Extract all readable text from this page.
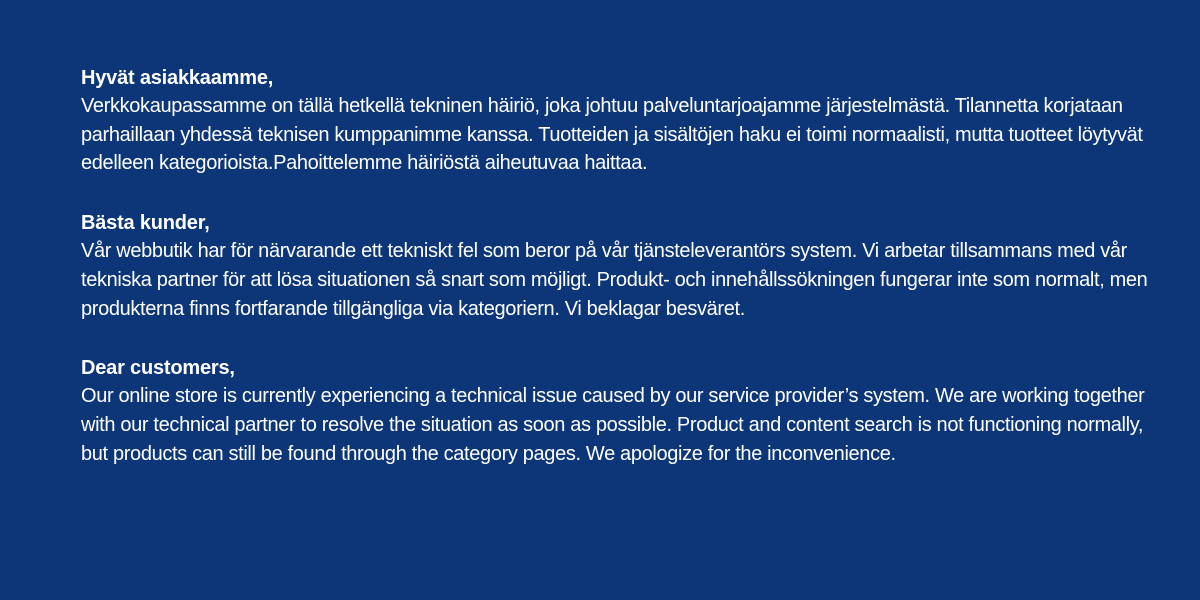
Hyvät asiakkaamme,
Verkkokaupassamme on tällä hetkellä tekninen häiriö, joka johtuu palveluntarjoajamme järjestelmästä. Tilannetta korjataan parhaillaan yhdessä teknisen kumppanimme kanssa. Tuotteiden ja sisältöjen haku ei toimi normaalisti, mutta tuotteet löytyvät edelleen kategorioista.Pahoittelemme häiriöstä aiheutuvaa haittaa.
Bästa kunder,
Vår webbutik har för närvarande ett tekniskt fel som beror på vår tjänsteleverantörs system. Vi arbetar tillsammans med vår tekniska partner för att lösa situationen så snart som möjligt. Produkt- och innehållssökningen fungerar inte som normalt, men produkterna finns fortfarande tillgängliga via kategoriern. Vi beklagar besväret.
Dear customers,
Our online store is currently experiencing a technical issue caused by our service provider’s system. We are working together with our technical partner to resolve the situation as soon as possible. Product and content search is not functioning normally, but products can still be found through the category pages. We apologize for the inconvenience.
